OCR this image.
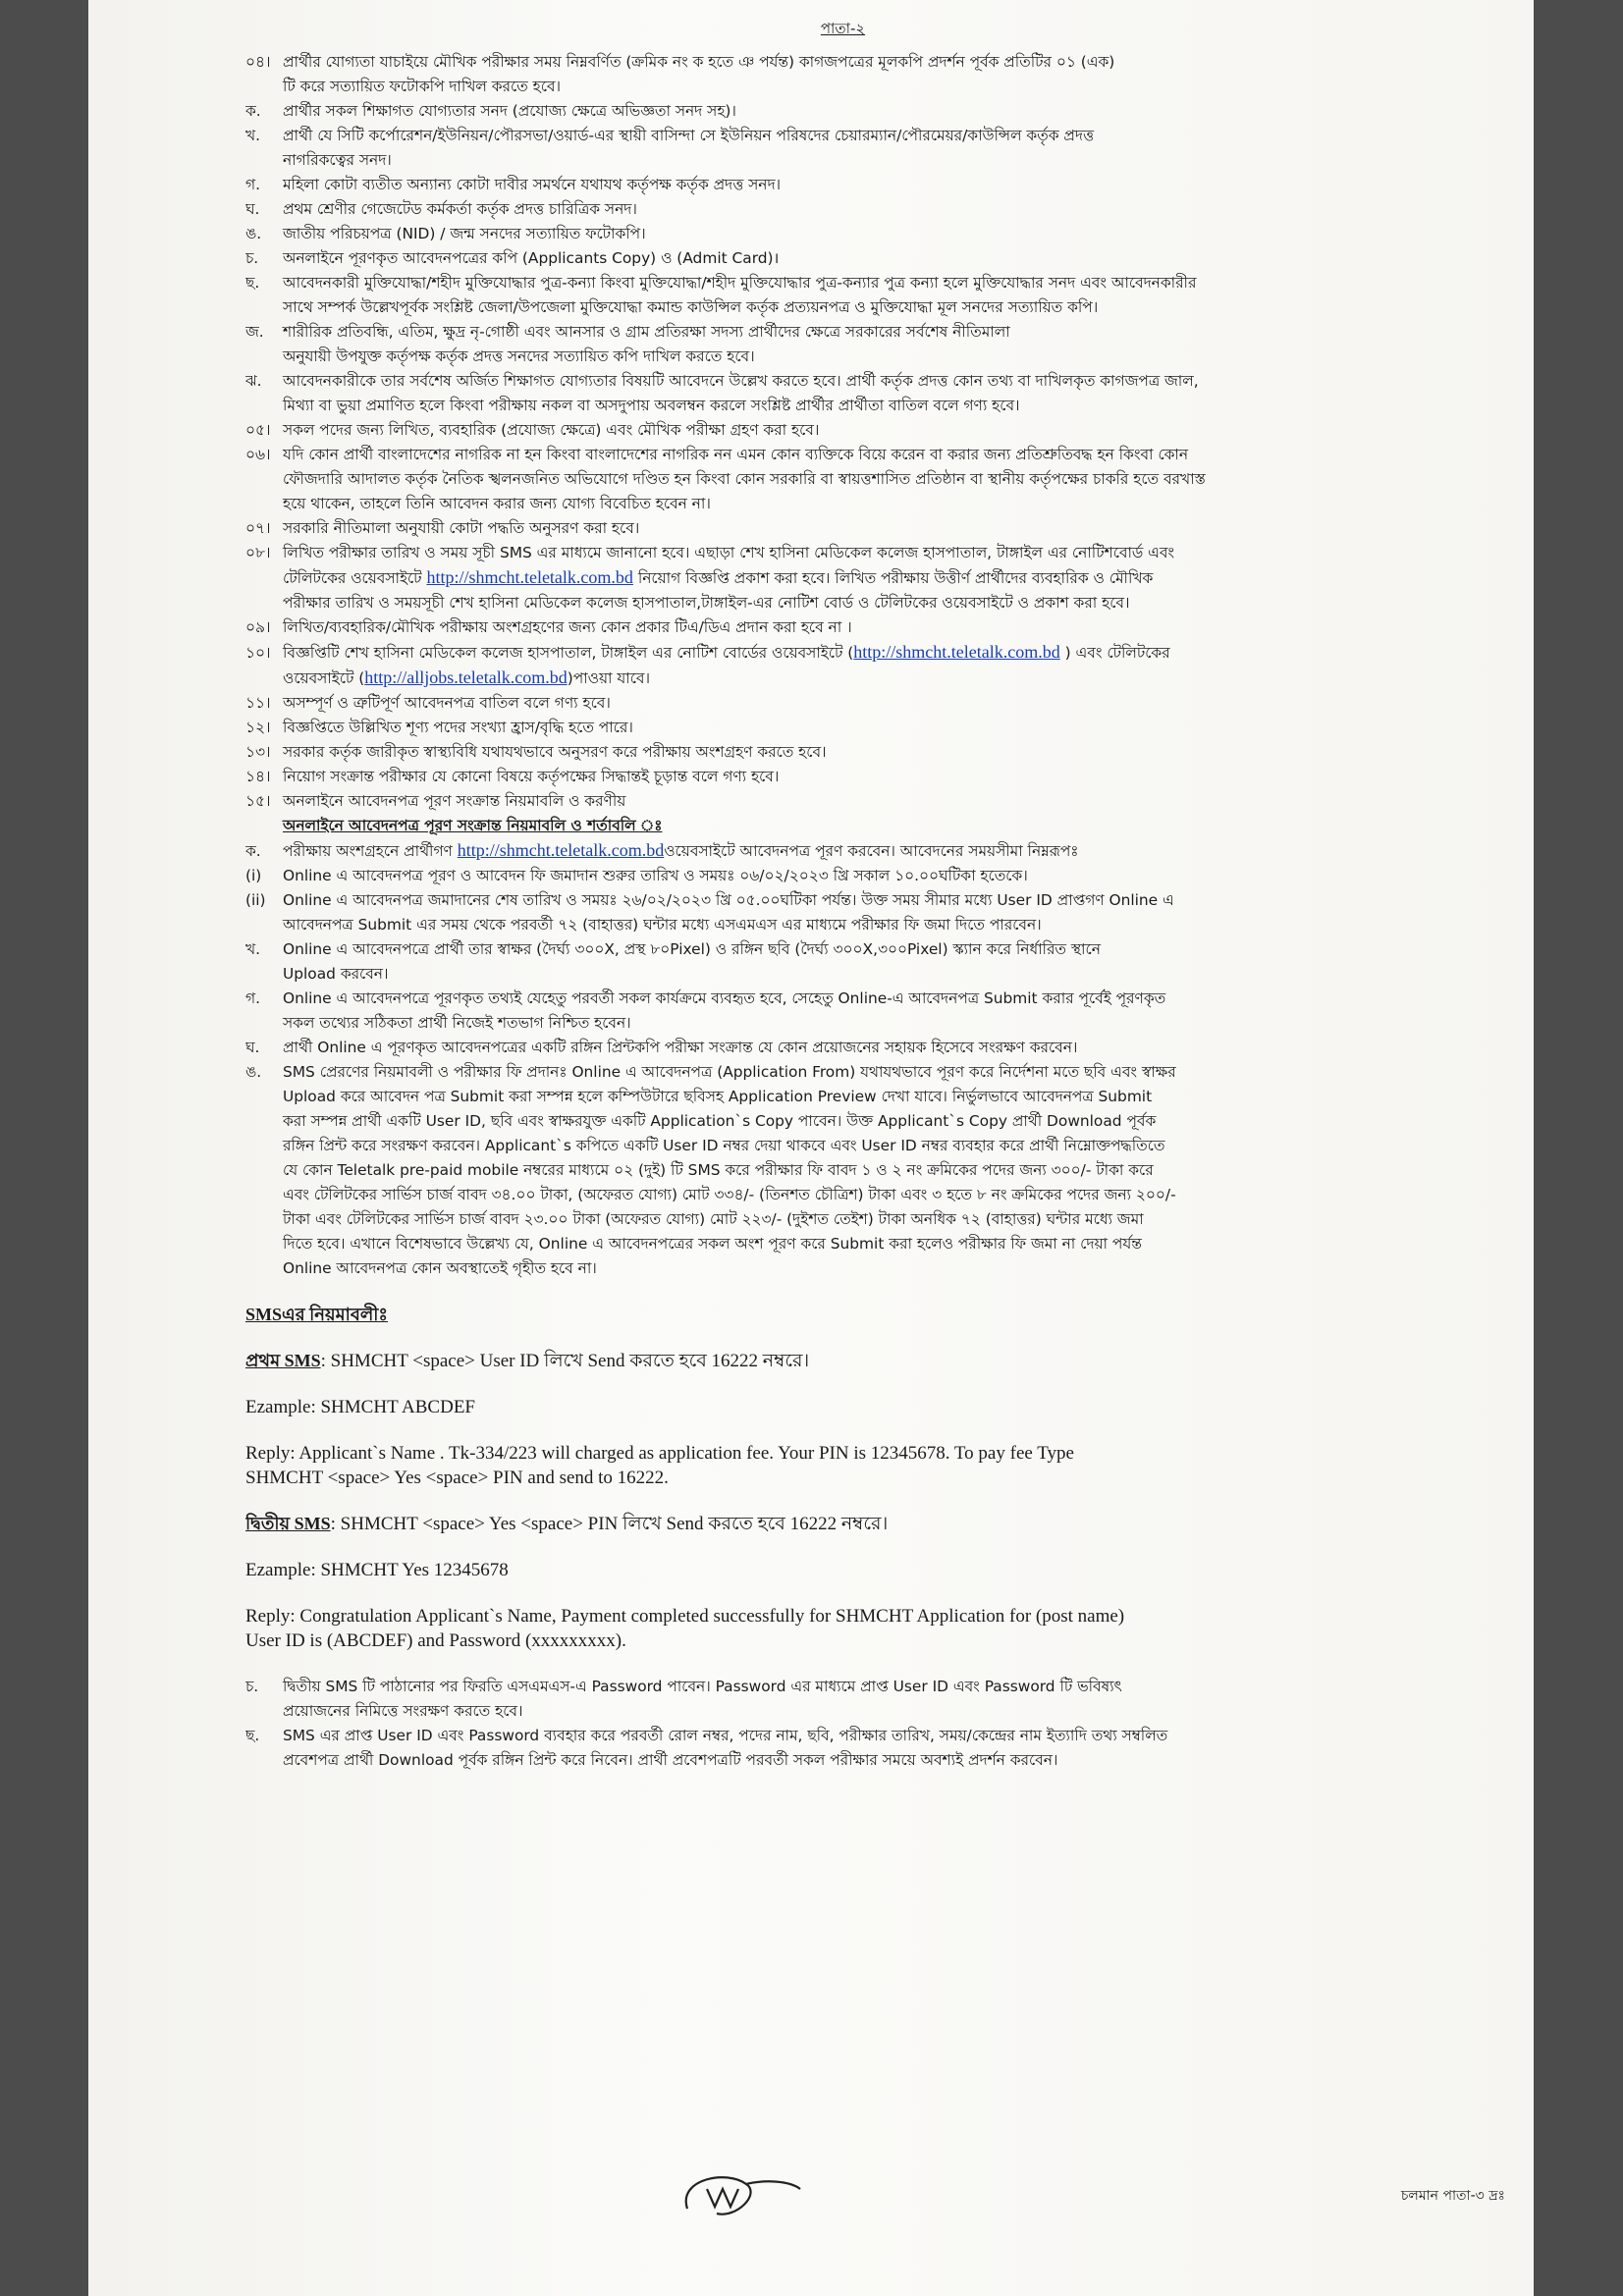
পাতা-২
০৪। প্রার্থীর যোগ্যতা যাচাইয়ে মৌখিক পরীক্ষার সময় নিম্নবর্ণিত (ক্রমিক নং ক হতে ঞ পর্যন্ত) কাগজপত্রের মূলকপি প্রদর্শন পূর্বক প্রতিটির ০১ (এক)
টি করে সত্যায়িত ফটোকপি দাখিল করতে হবে।
ক. প্রার্থীর সকল শিক্ষাগত যোগ্যতার সনদ (প্রযোজ্য ক্ষেত্রে অভিজ্ঞতা সনদ সহ)।
খ. প্রার্থী যে সিটি কর্পোরেশন/ইউনিয়ন/পৌরসভা/ওয়ার্ড-এর স্থায়ী বাসিন্দা সে ইউনিয়ন পরিষদের চেয়ারম্যান/পৌরমেয়র/কাউন্সিল কর্তৃক প্রদত্ত
নাগরিকত্বের সনদ।
গ. মহিলা কোটা ব্যতীত অন্যান্য কোটা দাবীর সমর্থনে যথাযথ কর্তৃপক্ষ কর্তৃক প্রদত্ত সনদ।
ঘ. প্রথম শ্রেণীর গেজেটেড কর্মকর্তা কর্তৃক প্রদত্ত চারিত্রিক সনদ।
ঙ. জাতীয় পরিচয়পত্র (NID) / জন্ম সনদের সত্যায়িত ফটোকপি।
চ. অনলাইনে পূরণকৃত আবেদনপত্রের কপি (Applicants Copy) ও (Admit Card)।
ছ. আবেদনকারী মুক্তিযোদ্ধা/শহীদ মুক্তিযোদ্ধার পুত্র-কন্যা কিংবা মুক্তিযোদ্ধা/শহীদ মুক্তিযোদ্ধার পুত্র-কন্যার পুত্র কন্যা হলে মুক্তিযোদ্ধার সনদ এবং আবেদনকারীর
সাথে সম্পর্ক উল্লেখপূর্বক সংশ্লিষ্ট জেলা/উপজেলা মুক্তিযোদ্ধা কমান্ড কাউন্সিল কর্তৃক প্রত্যয়নপত্র ও মুক্তিযোদ্ধা মূল সনদের সত্যায়িত কপি।
জ. শারীরিক প্রতিবন্ধি, এতিম, ক্ষুদ্র নৃ-গোষ্ঠী এবং আনসার ও গ্রাম প্রতিরক্ষা সদস্য প্রার্থীদের ক্ষেত্রে সরকারের সর্বশেষ নীতিমালা
অনুযায়ী উপযুক্ত কর্তৃপক্ষ কর্তৃক প্রদত্ত সনদের সত্যায়িত কপি দাখিল করতে হবে।
ঝ. আবেদনকারীকে তার সর্বশেষ অর্জিত শিক্ষাগত যোগ্যতার বিষয়টি আবেদনে উল্লেখ করতে হবে। প্রার্থী কর্তৃক প্রদত্ত কোন তথ্য বা দাখিলকৃত কাগজপত্র জাল,
মিথ্যা বা ভুয়া প্রমাণিত হলে কিংবা পরীক্ষায় নকল বা অসদুপায় অবলম্বন করলে সংশ্লিষ্ট প্রার্থীর প্রার্থীতা বাতিল বলে গণ্য হবে।
০৫। সকল পদের জন্য লিখিত, ব্যবহারিক (প্রযোজ্য ক্ষেত্রে) এবং মৌখিক পরীক্ষা গ্রহণ করা হবে।
০৬। যদি কোন প্রার্থী বাংলাদেশের নাগরিক না হন কিংবা বাংলাদেশের নাগরিক নন এমন কোন ব্যক্তিকে বিয়ে করেন বা করার জন্য প্রতিশ্রুতিবদ্ধ হন কিংবা কোন
ফৌজদারি আদালত কর্তৃক নৈতিক স্খলনজনিত অভিযোগে দণ্ডিত হন কিংবা কোন সরকারি বা স্বায়ত্তশাসিত প্রতিষ্ঠান বা স্থানীয় কর্তৃপক্ষের চাকরি হতে বরখাস্ত
হয়ে থাকেন, তাহলে তিনি আবেদন করার জন্য যোগ্য বিবেচিত হবেন না।
০৭। সরকারি নীতিমালা অনুযায়ী কোটা পদ্ধতি অনুসরণ করা হবে।
০৮। লিখিত পরীক্ষার তারিখ ও সময় সূচী SMS এর মাধ্যমে জানানো হবে। এছাড়া শেখ হাসিনা মেডিকেল কলেজ হাসপাতাল, টাঙ্গাইল এর নোটিশবোর্ড এবং
টেলিটকের ওয়েবসাইটে http://shmcht.teletalk.com.bd নিয়োগ বিজ্ঞপ্তি প্রকাশ করা হবে। লিখিত পরীক্ষায় উত্তীর্ণ প্রার্থীদের ব্যবহারিক ও মৌখিক
পরীক্ষার তারিখ ও সময়সূচী শেখ হাসিনা মেডিকেল কলেজ হাসপাতাল,টাঙ্গাইল-এর নোটিশ বোর্ড ও টেলিটকের ওয়েবসাইটে ও প্রকাশ করা হবে।
০৯। লিখিত/ব্যবহারিক/মৌখিক পরীক্ষায় অংশগ্রহণের জন্য কোন প্রকার টিএ/ডিএ প্রদান করা হবে না ।
১০। বিজ্ঞপ্তিটি শেখ হাসিনা মেডিকেল কলেজ হাসপাতাল, টাঙ্গাইল এর নোটিশ বোর্ডের ওয়েবসাইটে (http://shmcht.teletalk.com.bd ) এবং টেলিটকের
ওয়েবসাইটে (http://alljobs.teletalk.com.bd)পাওয়া যাবে।
১১। অসম্পূর্ণ ও ত্রুটিপূর্ণ আবেদনপত্র বাতিল বলে গণ্য হবে।
১২। বিজ্ঞপ্তিতে উল্লিখিত শূণ্য পদের সংখ্যা হ্রাস/বৃদ্ধি হতে পারে।
১৩। সরকার কর্তৃক জারীকৃত স্বাস্থ্যবিধি যথাযথভাবে অনুসরণ করে পরীক্ষায় অংশগ্রহণ করতে হবে।
১৪। নিয়োগ সংক্রান্ত পরীক্ষার যে কোনো বিষয়ে কর্তৃপক্ষের সিদ্ধান্তই চূড়ান্ত বলে গণ্য হবে।
১৫। অনলাইনে আবেদনপত্র পূরণ সংক্রান্ত নিয়মাবলি ও করণীয়
অনলাইনে আবেদনপত্র পূরণ সংক্রান্ত নিয়মাবলি ও শর্তাবলি ঃ
ক. পরীক্ষায় অংশগ্রহনে প্রার্থীগণ http://shmcht.teletalk.com.bdওয়েবসাইটে আবেদনপত্র পূরণ করবেন। আবেদনের সময়সীমা নিম্নরূপঃ
(i) Online এ আবেদনপত্র পূরণ ও আবেদন ফি জমাদান শুরুর তারিখ ও সময়ঃ ০৬/০২/২০২৩ খ্রি সকাল ১০.০০ঘটিকা হতেকে।
(ii) Online এ আবেদনপত্র জমাদানের শেষ তারিখ ও সময়ঃ ২৬/০২/২০২৩ খ্রি ০৫.০০ঘটিকা পর্যন্ত। উক্ত সময় সীমার মধ্যে User ID প্রাপ্তগণ Online এ
আবেদনপত্র Submit এর সময় থেকে পরবর্তী ৭২ (বাহাত্তর) ঘন্টার মধ্যে এসএমএস এর মাধ্যমে পরীক্ষার ফি জমা দিতে পারবেন।
খ. Online এ আবেদনপত্রে প্রার্থী তার স্বাক্ষর (দৈর্ঘ্য ৩০০X, প্রস্থ ৮০Pixel) ও রঙ্গিন ছবি (দৈর্ঘ্য ৩০০X,৩০০Pixel) স্ক্যান করে নির্ধারিত স্থানে
Upload করবেন।
গ. Online এ আবেদনপত্রে পূরণকৃত তথ্যই যেহেতু পরবর্তী সকল কার্যক্রমে ব্যবহৃত হবে, সেহেতু Online-এ আবেদনপত্র Submit করার পূর্বেই পূরণকৃত
সকল তথ্যের সঠিকতা প্রার্থী নিজেই শতভাগ নিশ্চিত হবেন।
ঘ. প্রার্থী Online এ পূরণকৃত আবেদনপত্রের একটি রঙ্গিন প্রিন্টকপি পরীক্ষা সংক্রান্ত যে কোন প্রয়োজনের সহায়ক হিসেবে সংরক্ষণ করবেন।
ঙ. SMS প্রেরণের নিয়মাবলী ও পরীক্ষার ফি প্রদানঃ Online এ আবেদনপত্র (Application From) যথাযথভাবে পূরণ করে নির্দেশনা মতে ছবি এবং স্বাক্ষর
Upload করে আবেদন পত্র Submit করা সম্পন্ন হলে কম্পিউটারে ছবিসহ Application Preview দেখা যাবে। নির্ভুলভাবে আবেদনপত্র Submit
করা সম্পন্ন প্রার্থী একটি User ID, ছবি এবং স্বাক্ষরযুক্ত একটি Application`s Copy পাবেন। উক্ত Applicant`s Copy প্রার্থী Download পূর্বক
রঙ্গিন প্রিন্ট করে সংরক্ষণ করবেন। Applicant`s কপিতে একটি User ID নম্বর দেয়া থাকবে এবং User ID নম্বর ব্যবহার করে প্রার্থী নিম্নোক্তপদ্ধতিতে
যে কোন Teletalk pre-paid mobile নম্বরের মাধ্যমে ০২ (দুই) টি SMS করে পরীক্ষার ফি বাবদ ১ ও ২ নং ক্রমিকের পদের জন্য ৩০০/- টাকা করে
এবং টেলিটকের সার্ভিস চার্জ বাবদ ৩৪.০০ টাকা, (অফেরত যোগ্য) মোট ৩৩৪/- (তিনশত চৌত্রিশ) টাকা এবং ৩ হতে ৮ নং ক্রমিকের পদের জন্য ২০০/-
টাকা এবং টেলিটকের সার্ভিস চার্জ বাবদ ২৩.০০ টাকা (অফেরত যোগ্য) মোট ২২৩/- (দুইশত তেইশ) টাকা অনধিক ৭২ (বাহাত্তর) ঘন্টার মধ্যে জমা
দিতে হবে। এখানে বিশেষভাবে উল্লেখ্য যে, Online এ আবেদনপত্রের সকল অংশ পূরণ করে Submit করা হলেও পরীক্ষার ফি জমা না দেয়া পর্যন্ত
Online আবেদনপত্র কোন অবস্থাতেই গৃহীত হবে না।
SMSএর নিয়মাবলীঃ
প্রথম SMS: SHMCHT <space> User ID লিখে Send করতে হবে 16222 নম্বরে।
Ezample: SHMCHT ABCDEF
Reply: Applicant`s Name . Tk-334/223 will charged as application fee. Your PIN is 12345678. To pay fee Type
SHMCHT <space> Yes <space> PIN and send to 16222.
দ্বিতীয় SMS: SHMCHT <space> Yes <space> PIN লিখে Send করতে হবে 16222 নম্বরে।
Ezample: SHMCHT Yes 12345678
Reply: Congratulation Applicant`s Name, Payment completed successfully for SHMCHT Application for (post name)
User ID is (ABCDEF) and Password (xxxxxxxxx).
চ. দ্বিতীয় SMS টি পাঠানোর পর ফিরতি এসএমএস-এ Password পাবেন। Password এর মাধ্যমে প্রাপ্ত User ID এবং Password টি ভবিষ্যৎ
প্রয়োজনের নিমিত্তে সংরক্ষণ করতে হবে।
ছ. SMS এর প্রাপ্ত User ID এবং Password ব্যবহার করে পরবর্তী রোল নম্বর, পদের নাম, ছবি, পরীক্ষার তারিখ, সময়/কেন্দ্রের নাম ইত্যাদি তথ্য সম্বলিত
প্রবেশপত্র প্রার্থী Download পূর্বক রঙ্গিন প্রিন্ট করে নিবেন। প্রার্থী প্রবেশপত্রটি পরবর্তী সকল পরীক্ষার সময়ে অবশ্যই প্রদর্শন করবেন।
চলমান পাতা-৩ দ্রঃ
